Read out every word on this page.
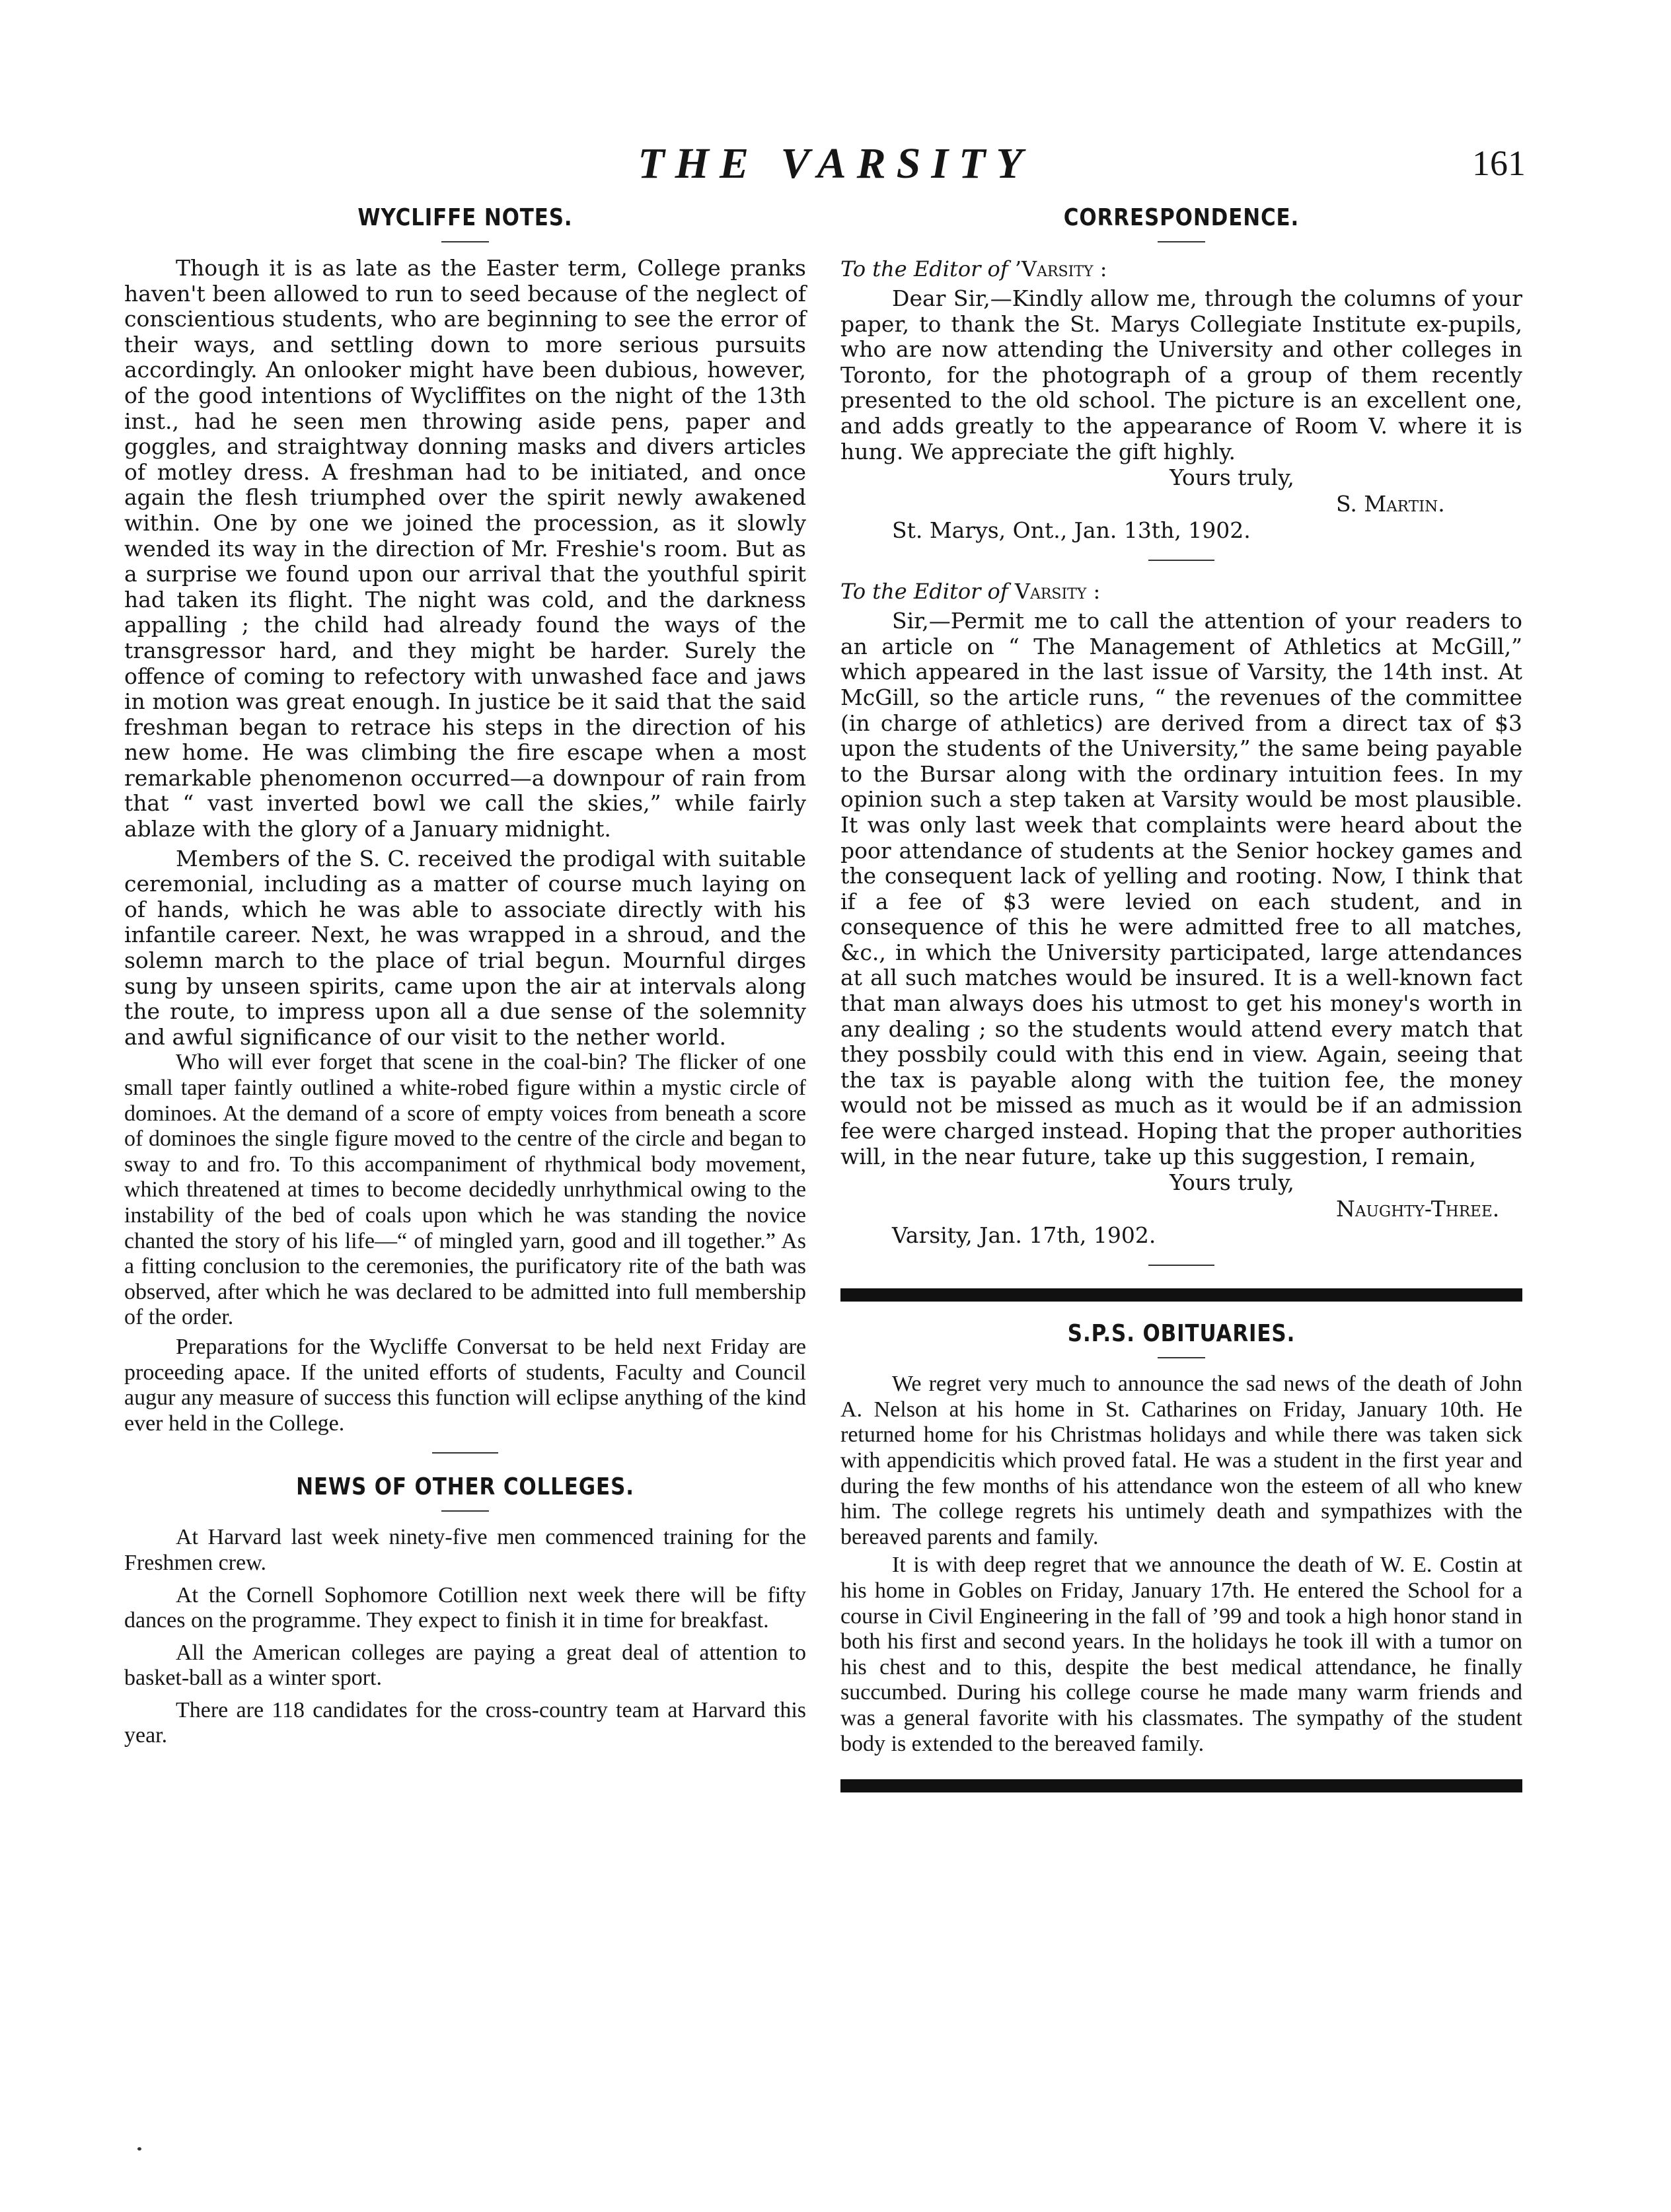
THE VARSITY	161
WYCLIFFE NOTES.

Though it is as late as the Easter term, College pranks haven't been allowed to run to seed because of the neglect of conscientious students, who are beginning to see the error of their ways, and settling down to more serious pursuits accordingly. An onlooker might have been dubious, however, of the good intentions of Wycliffites on the night of the 13th inst., had he seen men throwing aside pens, paper and goggles, and straightway donning masks and divers articles of motley dress. A freshman had to be initiated, and once again the flesh triumphed over the spirit newly awakened within. One by one we joined the procession, as it slowly wended its way in the direction of Mr. Freshie's room. But as a surprise we found upon our arrival that the youthful spirit had taken its flight. The night was cold, and the darkness appalling ; the child had already found the ways of the transgressor hard, and they might be harder. Surely the offence of coming to refectory with unwashed face and jaws in motion was great enough. In justice be it said that the said freshman began to retrace his steps in the direction of his new home. He was climbing the fire escape when a most remarkable phenomenon occurred—a downpour of rain from that “ vast inverted bowl we call the skies,” while fairly ablaze with the glory of a January midnight.

Members of the S. C. received the prodigal with suitable ceremonial, including as a matter of course much laying on of hands, which he was able to associate directly with his infantile career. Next, he was wrapped in a shroud, and the solemn march to the place of trial begun. Mournful dirges sung by unseen spirits, came upon the air at intervals along the route, to impress upon all a due sense of the solemnity and awful significance of our visit to the nether world.

Who will ever forget that scene in the coal-bin? The flicker of one small taper faintly outlined a white-robed figure within a mystic circle of dominoes. At the demand of a score of empty voices from beneath a score of dominoes the single figure moved to the centre of the circle and began to sway to and fro. To this accompaniment of rhythmical body movement, which threatened at times to become decidedly unrhythmical owing to the instability of the bed of coals upon which he was standing the novice chanted the story of his life—“ of mingled yarn, good and ill together.” As a fitting conclusion to the ceremonies, the purificatory rite of the bath was observed, after which he was declared to be admitted into full membership of the order.

Preparations for the Wycliffe Conversat to be held next Friday are proceeding apace. If the united efforts of students, Faculty and Council augur any measure of success this function will eclipse anything of the kind ever held in the College.

NEWS OF OTHER COLLEGES.

At Harvard last week ninety-five men commenced training for the Freshmen crew.

At the Cornell Sophomore Cotillion next week there will be fifty dances on the programme. They expect to finish it in time for breakfast.

All the American colleges are paying a great deal of attention to basket-ball as a winter sport.

There are 118 candidates for the cross-country team at Harvard this year.

CORRESPONDENCE.
To the Editor of ’Varsity :

Dear Sir,—Kindly allow me, through the columns of your paper, to thank the St. Marys Collegiate Institute ex-pupils, who are now attending the University and other colleges in Toronto, for the photograph of a group of them recently presented to the old school. The picture is an excellent one, and adds greatly to the appearance of Room V. where it is hung. We appreciate the gift highly.

Yours truly,
S. Martin.
St. Marys, Ont., Jan. 13th, 1902.
To the Editor of Varsity :

Sir,—Permit me to call the attention of your readers to an article on “ The Management of Athletics at McGill,” which appeared in the last issue of Varsity, the 14th inst. At McGill, so the article runs, “ the revenues of the committee (in charge of athletics) are derived from a direct tax of $3 upon the students of the University,” the same being payable to the Bursar along with the ordinary intuition fees. In my opinion such a step taken at Varsity would be most plausible. It was only last week that complaints were heard about the poor attendance of students at the Senior hockey games and the consequent lack of yelling and rooting. Now, I think that if a fee of $3 were levied on each student, and in consequence of this he were admitted free to all matches, &c., in which the University participated, large attendances at all such matches would be insured. It is a well-known fact that man always does his utmost to get his money's worth in any dealing ; so the students would attend every match that they possbily could with this end in view. Again, seeing that the tax is payable along with the tuition fee, the money would not be missed as much as it would be if an admission fee were charged instead. Hoping that the proper authorities will, in the near future, take up this suggestion, I remain,

Yours truly,
Naughty-Three.
Varsity, Jan. 17th, 1902.
S.P.S. OBITUARIES.

We regret very much to announce the sad news of the death of John A. Nelson at his home in St. Catharines on Friday, January 10th. He returned home for his Christmas holidays and while there was taken sick with appendicitis which proved fatal. He was a student in the first year and during the few months of his attendance won the esteem of all who knew him. The college regrets his untimely death and sympathizes with the bereaved parents and family.

It is with deep regret that we announce the death of W. E. Costin at his home in Gobles on Friday, January 17th. He entered the School for a course in Civil Engineering in the fall of ’99 and took a high honor stand in both his first and second years. In the holidays he took ill with a tumor on his chest and to this, despite the best medical attendance, he finally succumbed. During his college course he made many warm friends and was a general favorite with his classmates. The sympathy of the student body is extended to the bereaved family.
